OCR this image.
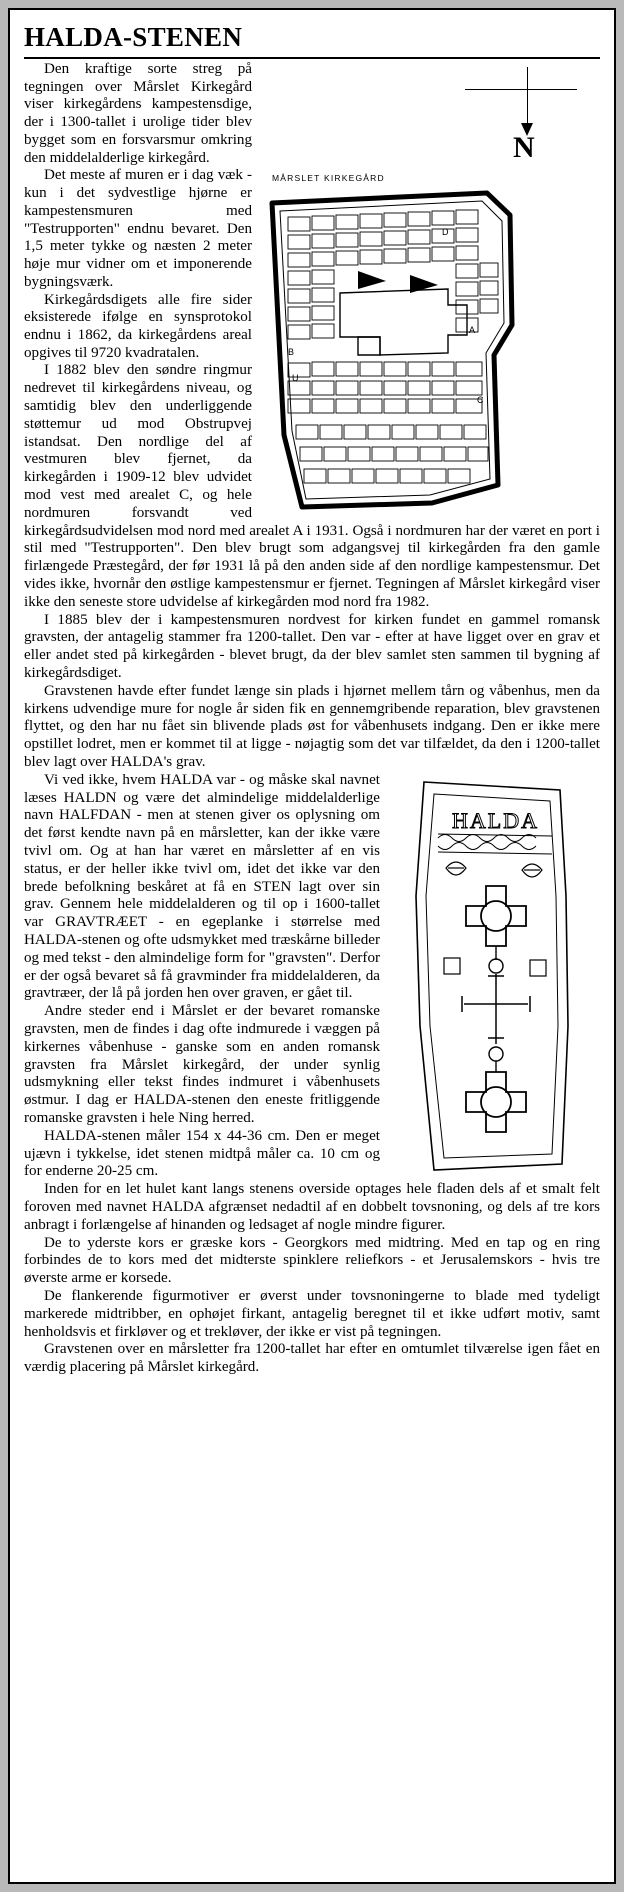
HALDA-STENEN
N
MÅRSLET KIRKEGÅRD
A
B
C
D
U

Den kraftige sorte streg på tegningen over Mårslet Kirkegård viser kirkegårdens kampestensdige, der i 1300-tallet i urolige tider blev bygget som en forsvarsmur omkring den middelalderlige kirkegård.

Det meste af muren er i dag væk - kun i det sydvestlige hjørne er kampestensmuren med "Testrupporten" endnu bevaret. Den 1,5 meter tykke og næsten 2 meter høje mur vidner om et imponerende bygningsværk.

Kirkegårdsdigets alle fire sider eksisterede ifølge en synsprotokol endnu i 1862, da kirkegårdens areal opgives til 9720 kvadratalen.

I 1882 blev den søndre ringmur nedrevet til kirkegårdens niveau, og samtidig blev den underliggende støttemur ud mod Obstrupvej istandsat. Den nordlige del af vestmuren blev fjernet, da kirkegården i 1909-12 blev udvidet mod vest med arealet C, og hele nordmuren forsvandt ved kirkegårdsudvidelsen mod nord med arealet A i 1931. Også i nordmuren har der været en port i stil med "Testrupporten". Den blev brugt som adgangsvej til kirkegården fra den gamle firlængede Præstegård, der før 1931 lå på den anden side af den nordlige kampestensmur. Det vides ikke, hvornår den østlige kampestensmur er fjernet. Tegningen af Mårslet kirkegård viser ikke den seneste store udvidelse af kirkegården mod nord fra 1982.

I 1885 blev der i kampestensmuren nordvest for kirken fundet en gammel romansk gravsten, der antagelig stammer fra 1200-tallet. Den var - efter at have ligget over en grav et eller andet sted på kirkegården - blevet brugt, da der blev samlet sten sammen til bygning af kirkegårdsdiget.

Gravstenen havde efter fundet længe sin plads i hjørnet mellem tårn og våbenhus, men da kirkens udvendige mure for nogle år siden fik en gennemgribende reparation, blev gravstenen flyttet, og den har nu fået sin blivende plads øst for våbenhusets indgang. Den er ikke mere opstillet lodret, men er kommet til at ligge - nøjagtig som det var tilfældet, da den i 1200-tallet blev lagt over HALDA's grav.

HALDA

Vi ved ikke, hvem HALDA var - og måske skal navnet læses HALDN og være det almindelige middelalderlige navn HALFDAN - men at stenen giver os oplysning om det først kendte navn på en mårsletter, kan der ikke være tvivl om. Og at han har været en mårsletter af en vis status, er der heller ikke tvivl om, idet det ikke var den brede befolkning beskåret at få en STEN lagt over sin grav. Gennem hele middelalderen og til op i 1600-tallet var GRAVTRÆET - en egeplanke i størrelse med HALDA-stenen og ofte udsmykket med træskårne billeder og med tekst - den almindelige form for "gravsten". Derfor er der også bevaret så få gravminder fra middelalderen, da gravtræer, der lå på jorden hen over graven, er gået til.

Andre steder end i Mårslet er der bevaret romanske gravsten, men de findes i dag ofte indmurede i væggen på kirkernes våbenhuse - ganske som en anden romansk gravsten fra Mårslet kirkegård, der under synlig udsmykning eller tekst findes indmuret i våbenhusets østmur. I dag er HALDA-stenen den eneste fritliggende romanske gravsten i hele Ning herred.

HALDA-stenen måler 154 x 44-36 cm. Den er meget ujævn i tykkelse, idet stenen midtpå måler ca. 10 cm og for enderne 20-25 cm.

Inden for en let hulet kant langs stenens overside optages hele fladen dels af et smalt felt foroven med navnet HALDA afgrænset nedadtil af en dobbelt tovsnoning, og dels af tre kors anbragt i forlængelse af hinanden og ledsaget af nogle mindre figurer.

De to yderste kors er græske kors - Georgkors med midtring. Med en tap og en ring forbindes de to kors med det midterste spinklere reliefkors - et Jerusalemskors - hvis tre øverste arme er korsede.

De flankerende figurmotiver er øverst under tovsnoningerne to blade med tydeligt markerede midtribber, en ophøjet firkant, antagelig beregnet til et ikke udført motiv, samt henholdsvis et firkløver og et trekløver, der ikke er vist på tegningen.

Gravstenen over en mårsletter fra 1200-tallet har efter en omtumlet tilværelse igen fået en værdig placering på Mårslet kirkegård.
